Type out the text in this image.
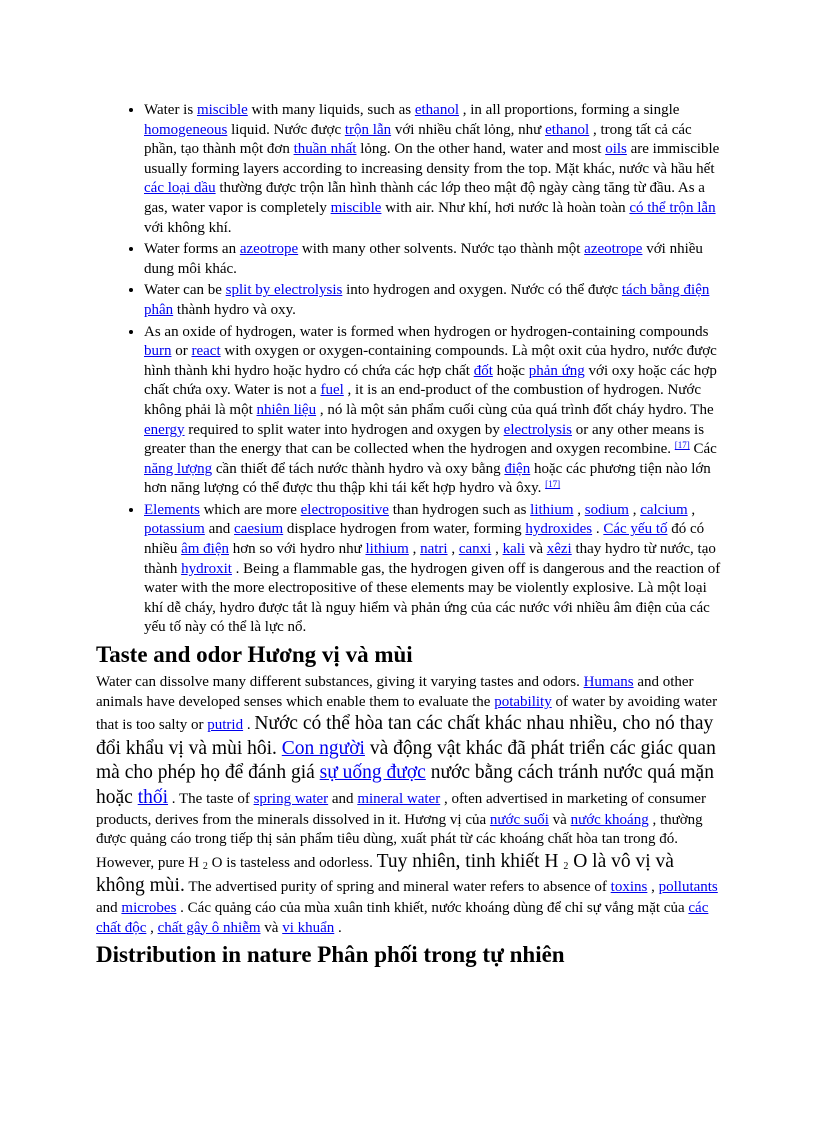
• Water is miscible with many liquids, such as ethanol , in all proportions, forming a single homogeneous liquid. Nước được trộn lẫn với nhiều chất lỏng, như ethanol , trong tất cả các phần, tạo thành một đơn thuần nhất lỏng. On the other hand, water and most oils are immiscible usually forming layers according to increasing density from the top. Mặt khác, nước và hầu hết các loại dầu thường được trộn lẫn hình thành các lớp theo mật độ ngày càng tăng từ đầu. As a gas, water vapor is completely miscible with air. Như khí, hơi nước là hoàn toàn có thể trộn lẫn với không khí.
• Water forms an azeotrope with many other solvents. Nước tạo thành một azeotrope với nhiều dung môi khác.
• Water can be split by electrolysis into hydrogen and oxygen. Nước có thể được tách bằng điện phân thành hydro và oxy.
• As an oxide of hydrogen, water is formed when hydrogen or hydrogen-containing compounds burn or react with oxygen or oxygen-containing compounds. Là một oxit của hydro, nước được hình thành khi hydro hoặc hydro có chứa các hợp chất đốt hoặc phản ứng với oxy hoặc các hợp chất chứa oxy. Water is not a fuel , it is an end-product of the combustion of hydrogen. Nước không phải là một nhiên liệu , nó là một sản phẩm cuối cùng của quá trình đốt cháy hydro. The energy required to split water into hydrogen and oxygen by electrolysis or any other means is greater than the energy that can be collected when the hydrogen and oxygen recombine. [17] Các năng lượng cần thiết để tách nước thành hydro và oxy bằng điện hoặc các phương tiện nào lớn hơn năng lượng có thể được thu thập khi tái kết hợp hydro và ôxy. [17]
• Elements which are more electropositive than hydrogen such as lithium , sodium , calcium , potassium and caesium displace hydrogen from water, forming hydroxides . Các yếu tố đó có nhiều âm điện hơn so với hydro như lithium , natri , canxi , kali và xêzi thay hydro từ nước, tạo thành hydroxit . Being a flammable gas, the hydrogen given off is dangerous and the reaction of water with the more electropositive of these elements may be violently explosive. Là một loại khí dễ cháy, hydro được tắt là nguy hiểm và phản ứng của các nước với nhiều âm điện của các yếu tố này có thể là lực nổ.
Taste and odor Hương vị và mùi

Water can dissolve many different substances, giving it varying tastes and odors. Humans and other animals have developed senses which enable them to evaluate the potability of water by avoiding water that is too salty or putrid . Nước có thể hòa tan các chất khác nhau nhiều, cho nó thay đổi khẩu vị và mùi hôi. Con người và động vật khác đã phát triển các giác quan mà cho phép họ để đánh giá sự uống được nước bằng cách tránh nước quá mặn hoặc thối . The taste of spring water and mineral water , often advertised in marketing of consumer products, derives from the minerals dissolved in it. Hương vị của nước suối và nước khoáng , thường được quảng cáo trong tiếp thị sản phẩm tiêu dùng, xuất phát từ các khoáng chất hòa tan trong đó. However, pure H $_2$ O is tasteless and odorless. Tuy nhiên, tinh khiết H $_2$ O là vô vị và không mùi. The advertised purity of spring and mineral water refers to absence of toxins , pollutants and microbes . Các quảng cáo của mùa xuân tinh khiết, nước khoáng dùng để chỉ sự vắng mặt của các chất độc , chất gây ô nhiễm và vi khuẩn .

Distribution in nature Phân phối trong tự nhiên
